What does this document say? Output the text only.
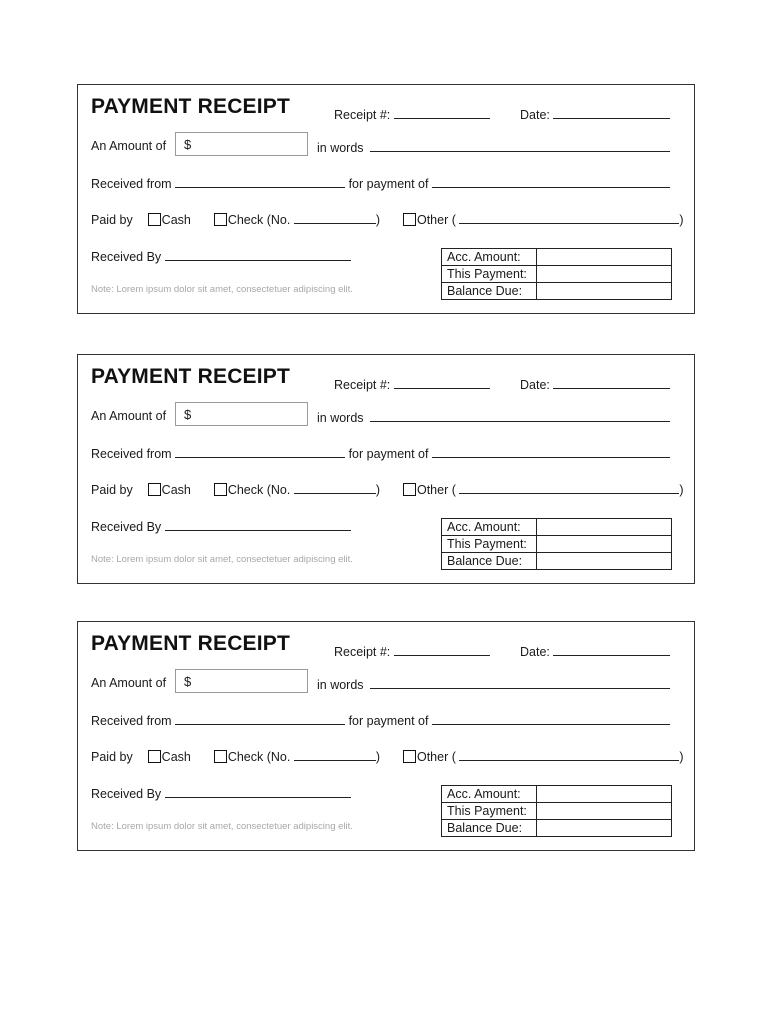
PAYMENT RECEIPT	Receipt #:	Date:
An Amount of	$	in words
Received from	for payment of
Paid by Cash	Check (No.	)	Other (	)
Received By
Note: Lorem ipsum dolor sit amet, consectetuer adipiscing elit.
Acc. Amount:	
This Payment:	
Balance Due:	
PAYMENT RECEIPT	Receipt #:	Date:
An Amount of	$	in words
Received from	for payment of
Paid by Cash	Check (No.	)	Other (	)
Received By
Note: Lorem ipsum dolor sit amet, consectetuer adipiscing elit.
Acc. Amount:	
This Payment:	
Balance Due:	
PAYMENT RECEIPT	Receipt #:	Date:
An Amount of	$	in words
Received from	for payment of
Paid by Cash	Check (No.	)	Other (	)
Received By
Note: Lorem ipsum dolor sit amet, consectetuer adipiscing elit.
Acc. Amount:	
This Payment:	
Balance Due:	
